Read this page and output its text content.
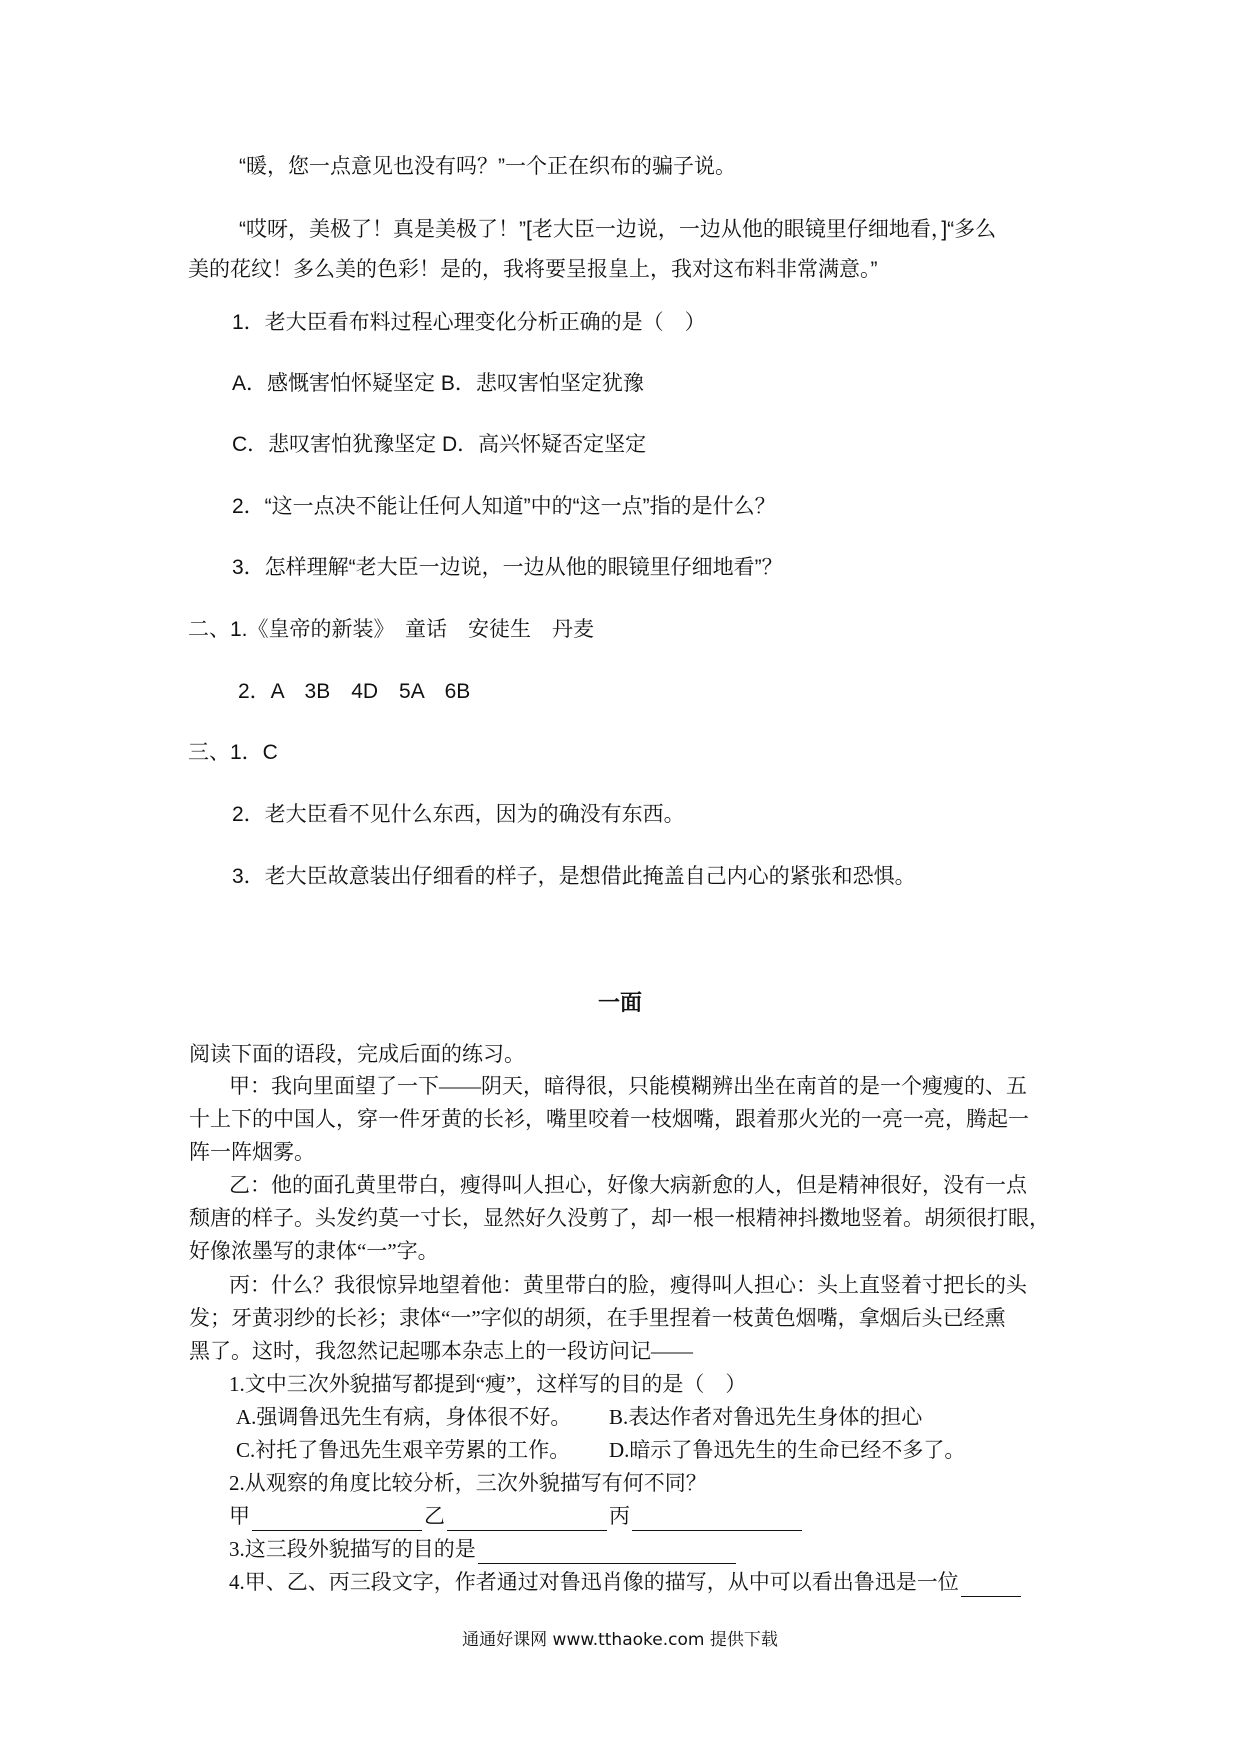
“暖，您一点意见也没有吗？”一个正在织布的骗子说。
“哎呀，美极了！真是美极了！”[老大臣一边说，一边从他的眼镜里仔细地看，]“多么
美的花纹！多么美的色彩！是的，我将要呈报皇上，我对这布料非常满意。”
1．老大臣看布料过程心理变化分析正确的是（　）
A．感慨害怕怀疑坚定 B．悲叹害怕坚定犹豫
C．悲叹害怕犹豫坚定 D．高兴怀疑否定坚定
2．“这一点决不能让任何人知道”中的“这一点”指的是什么？
3．怎样理解“老大臣一边说，一边从他的眼镜里仔细地看”？
二、1.《皇帝的新装》　童话　安徒生　丹麦
2．A　3B　4D　5A　6B
三、1．C
2．老大臣看不见什么东西，因为的确没有东西。
3．老大臣故意装出仔细看的样子，是想借此掩盖自己内心的紧张和恐惧。
一面
阅读下面的语段，完成后面的练习。
甲：我向里面望了一下——阴天，暗得很，只能模糊辨出坐在南首的是一个瘦瘦的、五
十上下的中国人，穿一件牙黄的长衫，嘴里咬着一枝烟嘴，跟着那火光的一亮一亮，腾起一
阵一阵烟雾。
乙：他的面孔黄里带白，瘦得叫人担心，好像大病新愈的人，但是精神很好，没有一点
颓唐的样子。头发约莫一寸长，显然好久没剪了，却一根一根精神抖擞地竖着。胡须很打眼，
好像浓墨写的隶体“一”字。
丙：什么？我很惊异地望着他：黄里带白的脸，瘦得叫人担心：头上直竖着寸把长的头
发；牙黄羽纱的长衫；隶体“一”字似的胡须，在手里捏着一枝黄色烟嘴，拿烟后头已经熏
黑了。这时，我忽然记起哪本杂志上的一段访问记——
1.文中三次外貌描写都提到“瘦”，这样写的目的是（　）
A.强调鲁迅先生有病，身体很不好。 B.表达作者对鲁迅先生身体的担心
C.衬托了鲁迅先生艰辛劳累的工作。 D.暗示了鲁迅先生的生命已经不多了。
2.从观察的角度比较分析，三次外貌描写有何不同？
甲	乙	丙
3.这三段外貌描写的目的是
4.甲、乙、丙三段文字，作者通过对鲁迅肖像的描写，从中可以看出鲁迅是一位
通通好课网 www.tthaoke.com 提供下载
